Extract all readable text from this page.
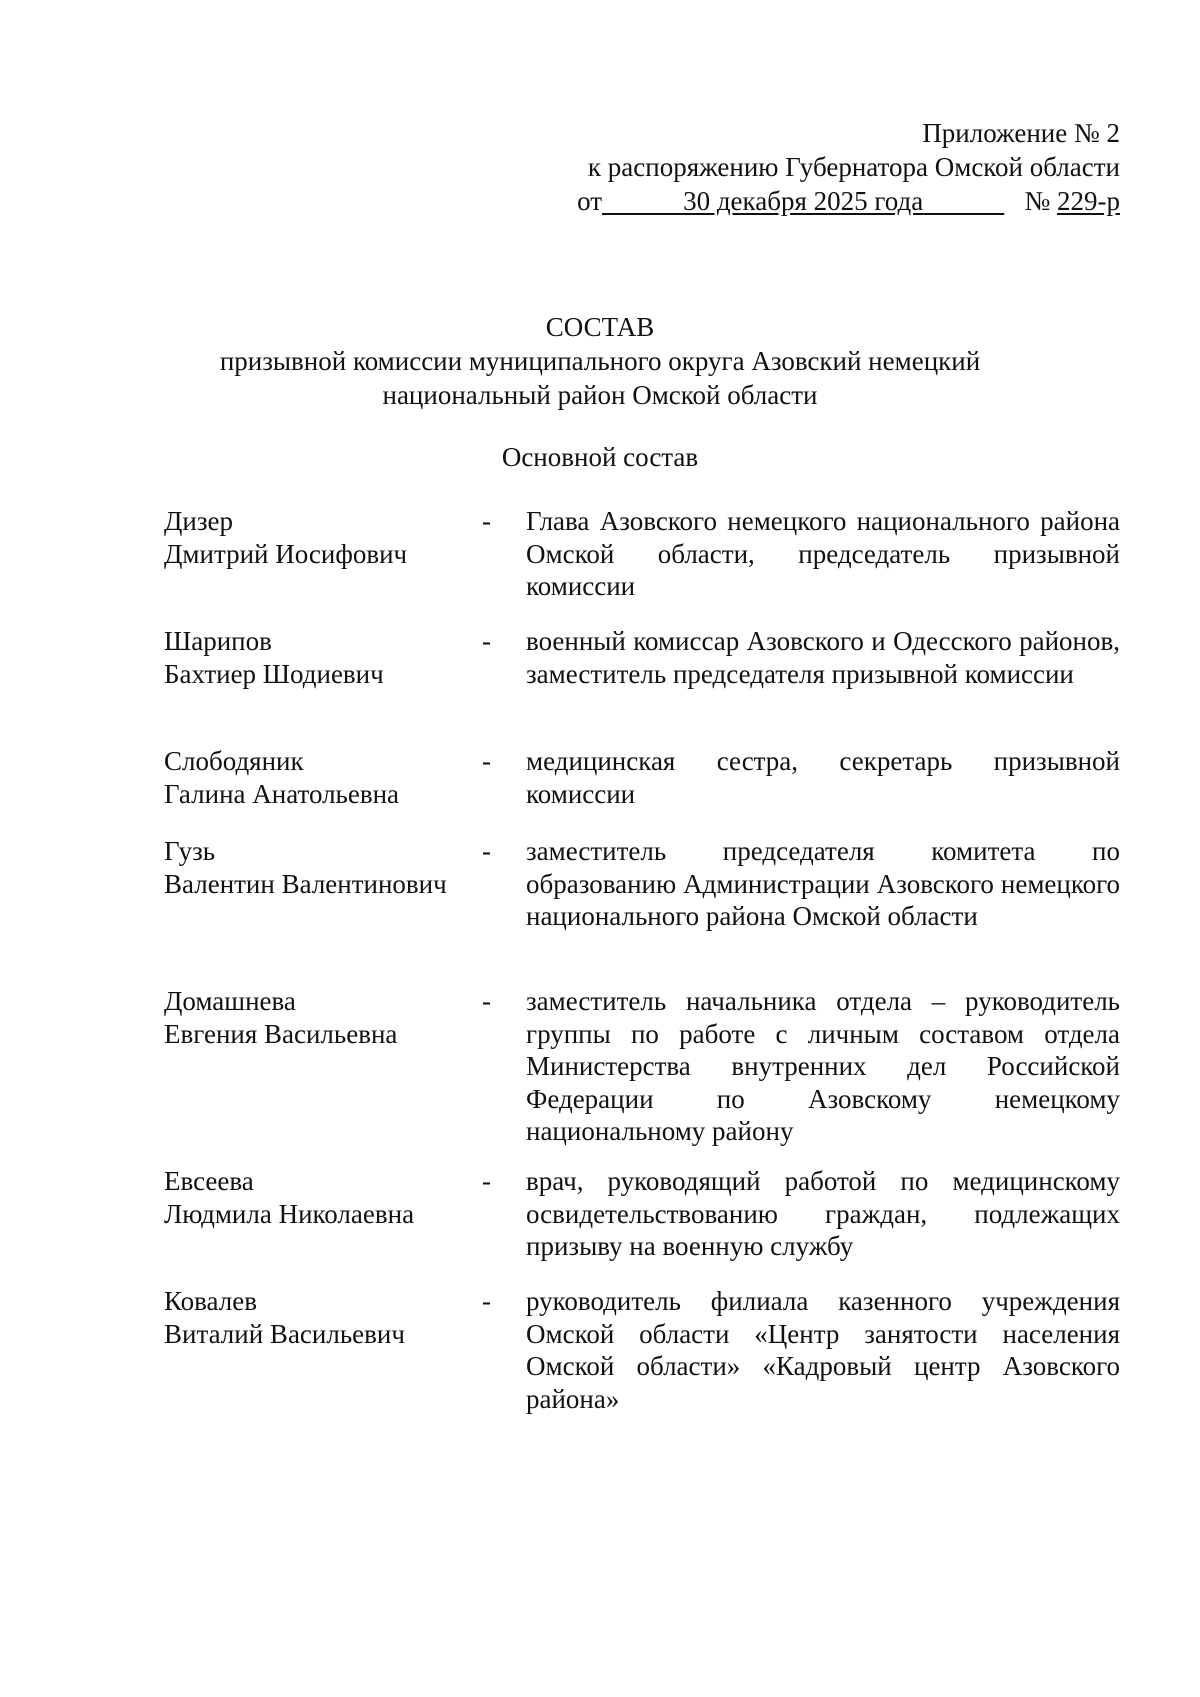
Приложение № 2
к распоряжению Губернатора Омской области
от	30 декабря 2025 года	№ 229-р
СОСТАВ
призывной комиссии муниципального округа Азовский немецкий
национальный район Омской области
Основной состав
Дизер
Дмитрий Иосифович
- Глава Азовского немецкого национального района Омской области, председатель призывной комиссии
Шарипов
Бахтиер Шодиевич
- военный комиссар Азовского и Одесского районов, заместитель председателя призывной комиссии
Слободяник
Галина Анатольевна
- медицинская сестра, секретарь призывной комиссии
Гузь
Валентин Валентинович
- заместитель председателя комитета по образованию Администрации Азовского немецкого национального района Омской области
Домашнева
Евгения Васильевна
- заместитель начальника отдела – руководитель группы по работе с личным составом отдела Министерства внутренних дел Российской Федерации по Азовскому немецкому национальному району
Евсеева
Людмила Николаевна
- врач, руководящий работой по медицинскому освидетельствованию граждан, подлежащих призыву на военную службу
Ковалев
Виталий Васильевич
- руководитель филиала казенного учреждения Омской области «Центр занятости населения Омской области» «Кадровый центр Азовского района»
